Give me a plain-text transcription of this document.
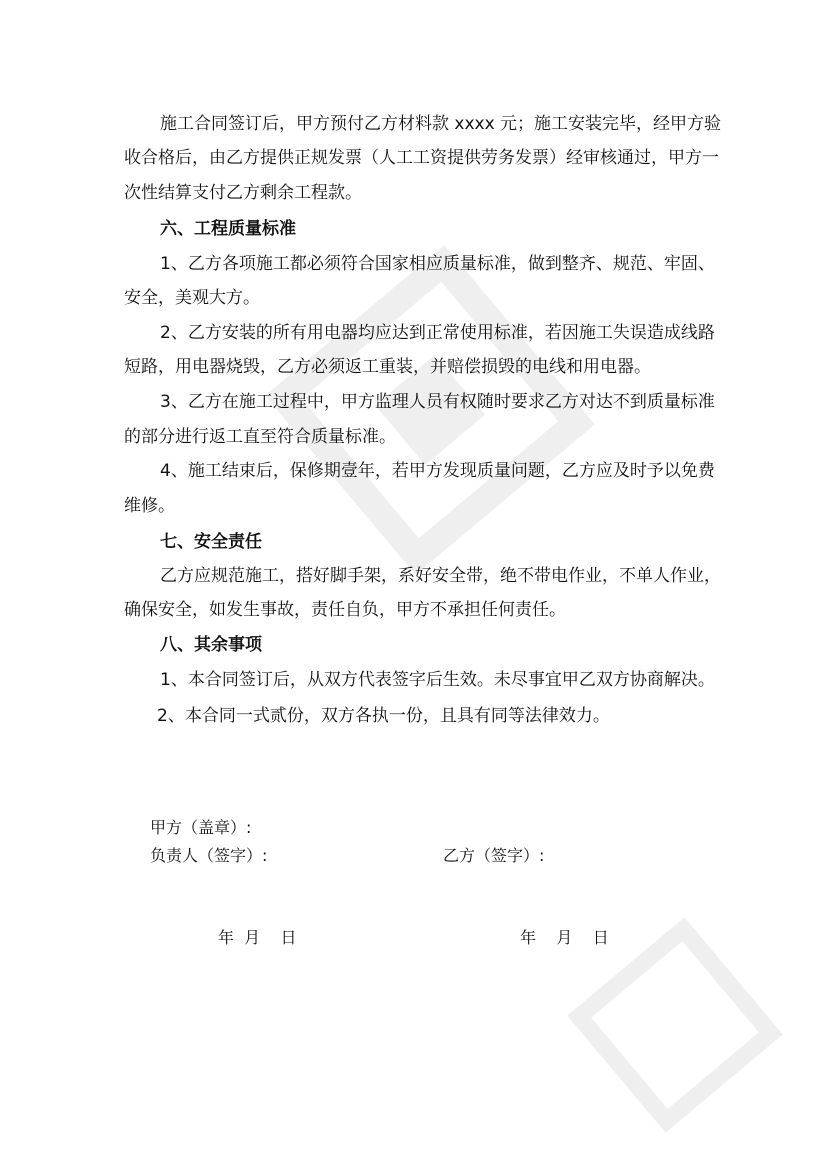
施工合同签订后，甲方预付乙方材料款 xxxx 元；施工安装完毕，经甲方验
收合格后，由乙方提供正规发票（人工工资提供劳务发票）经审核通过，甲方一
次性结算支付乙方剩余工程款。
六、工程质量标准
1、乙方各项施工都必须符合国家相应质量标准，做到整齐、规范、牢固、
安全，美观大方。
2、乙方安装的所有用电器均应达到正常使用标准，若因施工失误造成线路
短路，用电器烧毁，乙方必须返工重装，并赔偿损毁的电线和用电器。
3、乙方在施工过程中，甲方监理人员有权随时要求乙方对达不到质量标准
的部分进行返工直至符合质量标准。
4、施工结束后，保修期壹年，若甲方发现质量问题，乙方应及时予以免费
维修。
七、安全责任
乙方应规范施工，搭好脚手架，系好安全带，绝不带电作业，不单人作业，
确保安全，如发生事故，责任自负，甲方不承担任何责任。
八、其余事项
1、本合同签订后，从双方代表签字后生效。未尽事宜甲乙双方协商解决。
2、本合同一式贰份，双方各执一份，且具有同等法律效力。
甲方（盖章）:
负责人（签字）:	乙方（签字）:
年  月    日	年    月    日
